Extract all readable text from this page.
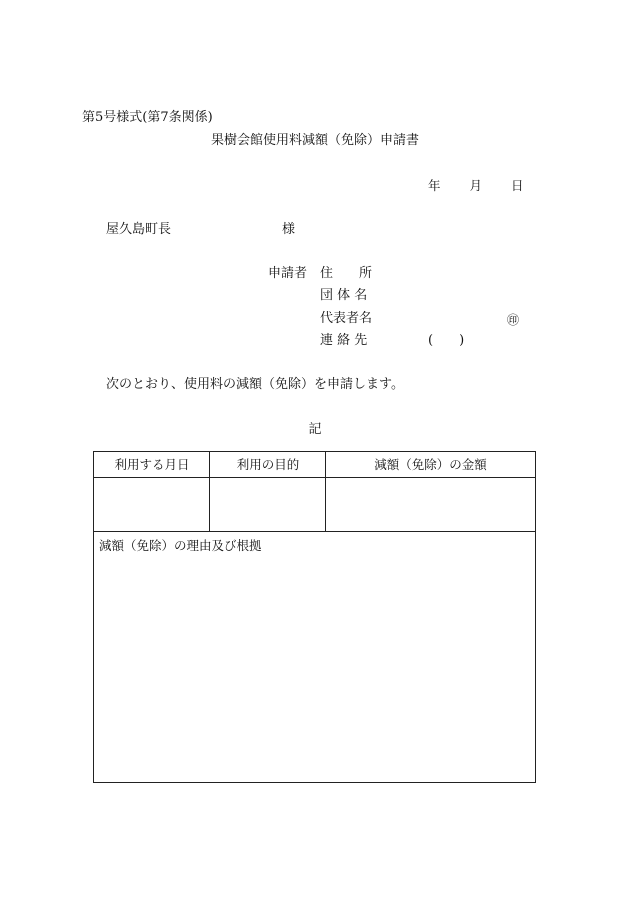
第5号様式(第7条関係)
果樹会館使用料減額（免除）申請書
年 月 日
屋久島町長	様
申請者 住　　所
団 体 名
代表者名
連 絡 先
㊞
(　　)
次のとおり、使用料の減額（免除）を申請します。
記
利用する月日	利用の目的	減額（免除）の金額
減額（免除）の理由及び根拠
